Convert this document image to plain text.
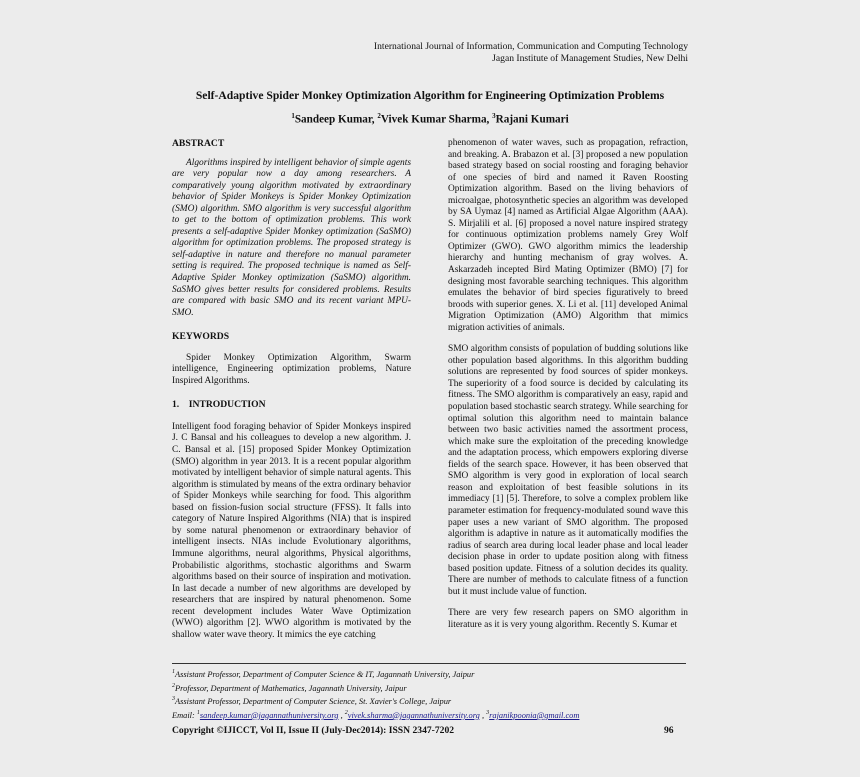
International Journal of Information, Communication and Computing Technology
Jagan Institute of Management Studies, New Delhi
Self-Adaptive Spider Monkey Optimization Algorithm for Engineering Optimization Problems
$^1$Sandeep Kumar, $^2$Vivek Kumar Sharma, $^3$Rajani Kumari

ABSTRACT

Algorithms inspired by intelligent behavior of simple agents are very popular now a day among researchers. A comparatively young algorithm motivated by extraordinary behavior of Spider Monkeys is Spider Monkey Optimization (SMO) algorithm. SMO algorithm is very successful algorithm to get to the bottom of optimization problems. This work presents a self-adaptive Spider Monkey optimization (SaSMO) algorithm for optimization problems. The proposed strategy is self-adaptive in nature and therefore no manual parameter setting is required. The proposed technique is named as Self-Adaptive Spider Monkey optimization (SaSMO) algorithm. SaSMO gives better results for considered problems. Results are compared with basic SMO and its recent variant MPU-SMO.

KEYWORDS

Spider Monkey Optimization Algorithm, Swarm intelligence, Engineering optimization problems, Nature Inspired Algorithms.

1.    INTRODUCTION

Intelligent food foraging behavior of Spider Monkeys inspired J. C Bansal and his colleagues to develop a new algorithm. J. C. Bansal et al. [15] proposed Spider Monkey Optimization (SMO) algorithm in year 2013. It is a recent popular algorithm motivated by intelligent behavior of simple natural agents. This algorithm is stimulated by means of the extra ordinary behavior of Spider Monkeys while searching for food. This algorithm based on fission-fusion social structure (FFSS). It falls into category of Nature Inspired Algorithms (NIA) that is inspired by some natural phenomenon or extraordinary behavior of intelligent insects. NIAs include Evolutionary algorithms, Immune algorithms, neural algorithms, Physical algorithms, Probabilistic algorithms, stochastic algorithms and Swarm algorithms based on their source of inspiration and motivation. In last decade a number of new algorithms are developed by researchers that are inspired by natural phenomenon. Some recent development includes Water Wave Optimization (WWO) algorithm [2]. WWO algorithm is motivated by the shallow water wave theory. It mimics the eye catching

phenomenon of water waves, such as propagation, refraction, and breaking. A. Brabazon et al. [3] proposed a new population based strategy based on social roosting and foraging behavior of one species of bird and named it Raven Roosting Optimization algorithm. Based on the living behaviors of microalgae, photosynthetic species an algorithm was developed by SA Uymaz [4] named as Artificial Algae Algorithm (AAA). S. Mirjalili et al. [6] proposed a novel nature inspired strategy for continuous optimization problems namely Grey Wolf Optimizer (GWO). GWO algorithm mimics the leadership hierarchy and hunting mechanism of gray wolves. A. Askarzadeh incepted Bird Mating Optimizer (BMO) [7] for designing most favorable searching techniques. This algorithm emulates the behavior of bird species figuratively to breed broods with superior genes. X. Li et al. [11] developed Animal Migration Optimization (AMO) Algorithm that mimics migration activities of animals.

SMO algorithm consists of population of budding solutions like other population based algorithms. In this algorithm budding solutions are represented by food sources of spider monkeys. The superiority of a food source is decided by calculating its fitness. The SMO algorithm is comparatively an easy, rapid and population based stochastic search strategy. While searching for optimal solution this algorithm need to maintain balance between two basic activities named the assortment process, which make sure the exploitation of the preceding knowledge and the adaptation process, which empowers exploring diverse fields of the search space. However, it has been observed that SMO algorithm is very good in exploration of local search reason and exploitation of best feasible solutions in its immediacy [1] [5]. Therefore, to solve a complex problem like parameter estimation for frequency-modulated sound wave this paper uses a new variant of SMO algorithm. The proposed algorithm is adaptive in nature as it automatically modifies the radius of search area during local leader phase and local leader decision phase in order to update position along with fitness based position update. Fitness of a solution decides its quality. There are number of methods to calculate fitness of a function but it must include value of function.

There are very few research papers on SMO algorithm in literature as it is very young algorithm. Recently S. Kumar et

$^1$Assistant Professor, Department of Computer Science & IT, Jagannath University, Jaipur
$^2$Professor, Department of Mathematics, Jagannath University, Jaipur
$^3$Assistant Professor, Department of Computer Science, St. Xavier's College, Jaipur
Email: $^1$sandeep.kumar@jagannathuniversity.org , $^2$vivek.sharma@jagannathuniversity.org , $^3$rajanikpoonia@gmail.com
Copyright ©IJICCT, Vol II, Issue II (July-Dec2014): ISSN 2347-7202	96
